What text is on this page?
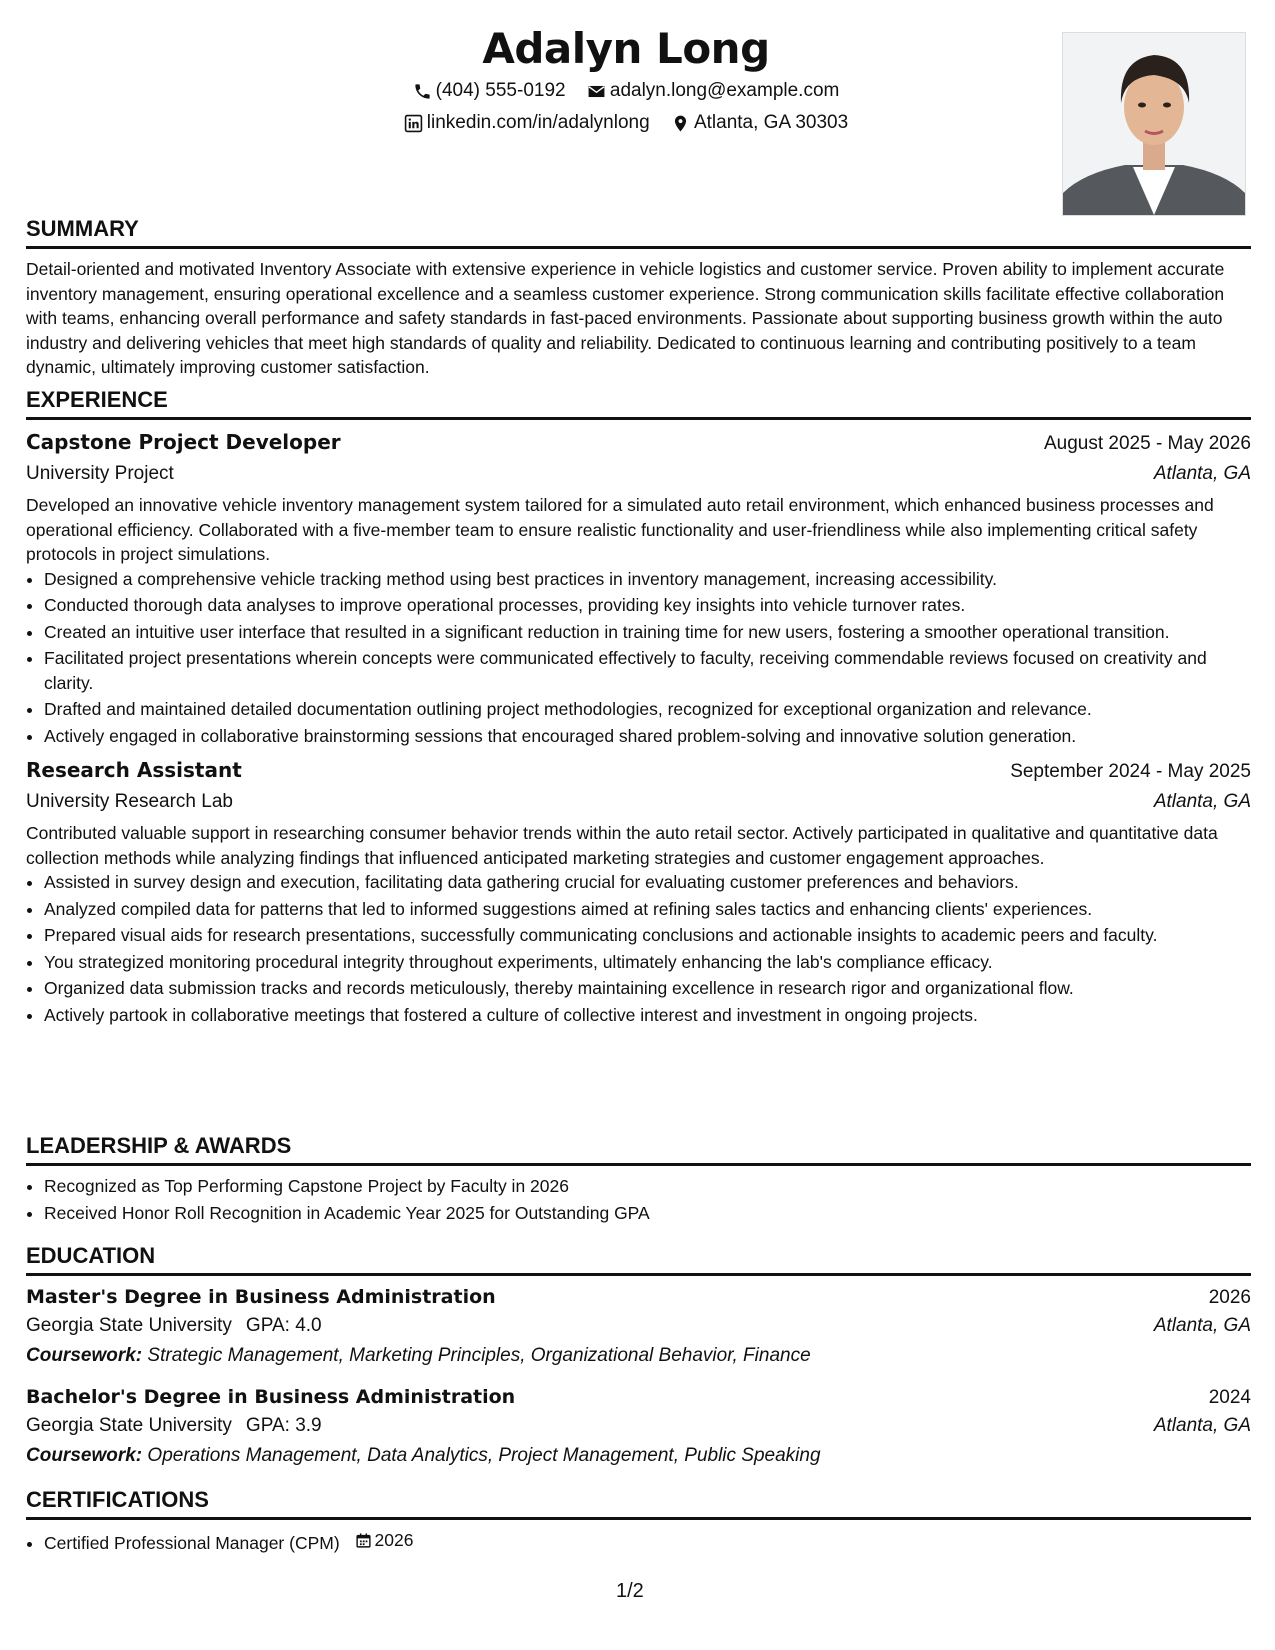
Adalyn Long
(404) 555-0192
adalyn.long@example.com
linkedin.com/in/adalynlong
Atlanta, GA 30303
SUMMARY

Detail-oriented and motivated Inventory Associate with extensive experience in vehicle logistics and customer service. Proven ability to implement accurate inventory management, ensuring operational excellence and a seamless customer experience. Strong communication skills facilitate effective collaboration with teams, enhancing overall performance and safety standards in fast-paced environments. Passionate about supporting business growth within the auto industry and delivering vehicles that meet high standards of quality and reliability. Dedicated to continuous learning and contributing positively to a team dynamic, ultimately improving customer satisfaction.

EXPERIENCE
Capstone Project Developer	August 2025 - May 2026
University Project	Atlanta, GA

Developed an innovative vehicle inventory management system tailored for a simulated auto retail environment, which enhanced business processes and operational efficiency. Collaborated with a five-member team to ensure realistic functionality and user-friendliness while also implementing critical safety protocols in project simulations.

• Designed a comprehensive vehicle tracking method using best practices in inventory management, increasing accessibility.
• Conducted thorough data analyses to improve operational processes, providing key insights into vehicle turnover rates.
• Created an intuitive user interface that resulted in a significant reduction in training time for new users, fostering a smoother operational transition.
• Facilitated project presentations wherein concepts were communicated effectively to faculty, receiving commendable reviews focused on creativity and clarity.
• Drafted and maintained detailed documentation outlining project methodologies, recognized for exceptional organization and relevance.
• Actively engaged in collaborative brainstorming sessions that encouraged shared problem-solving and innovative solution generation.
Research Assistant	September 2024 - May 2025
University Research Lab	Atlanta, GA

Contributed valuable support in researching consumer behavior trends within the auto retail sector. Actively participated in qualitative and quantitative data collection methods while analyzing findings that influenced anticipated marketing strategies and customer engagement approaches.

• Assisted in survey design and execution, facilitating data gathering crucial for evaluating customer preferences and behaviors.
• Analyzed compiled data for patterns that led to informed suggestions aimed at refining sales tactics and enhancing clients' experiences.
• Prepared visual aids for research presentations, successfully communicating conclusions and actionable insights to academic peers and faculty.
• You strategized monitoring procedural integrity throughout experiments, ultimately enhancing the lab's compliance efficacy.
• Organized data submission tracks and records meticulously, thereby maintaining excellence in research rigor and organizational flow.
• Actively partook in collaborative meetings that fostered a culture of collective interest and investment in ongoing projects.
LEADERSHIP & AWARDS
• Recognized as Top Performing Capstone Project by Faculty in 2026
• Received Honor Roll Recognition in Academic Year 2025 for Outstanding GPA
EDUCATION
Master's Degree in Business Administration	2026
Georgia State University GPA: 4.0	Atlanta, GA
Coursework: Strategic Management, Marketing Principles, Organizational Behavior, Finance
Bachelor's Degree in Business Administration	2024
Georgia State University GPA: 3.9	Atlanta, GA
Coursework: Operations Management, Data Analytics, Project Management, Public Speaking
CERTIFICATIONS
• Certified Professional Manager (CPM) 2026
1/2
